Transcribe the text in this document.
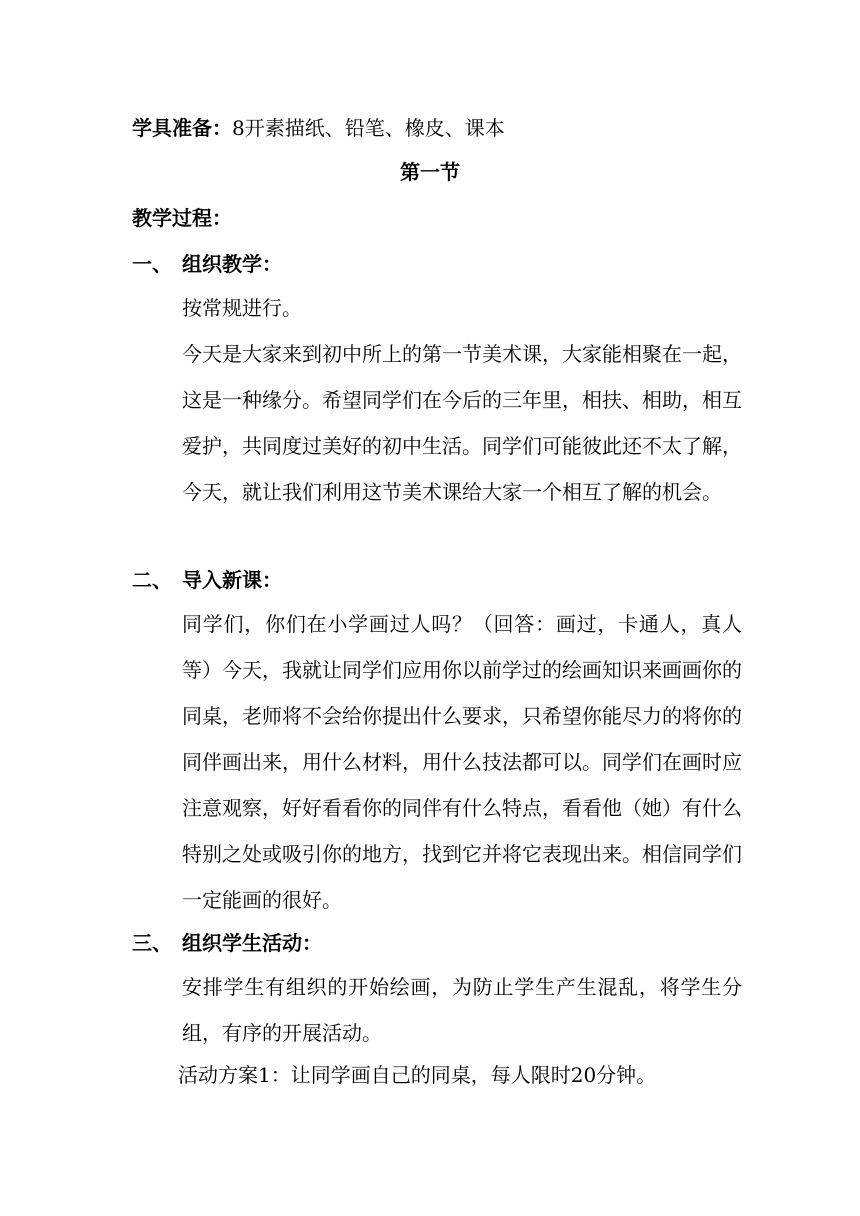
学具准备：8开素描纸、铅笔、橡皮、课本
第一节
教学过程：
一、 组织教学：
按常规进行。
今天是大家来到初中所上的第一节美术课，大家能相聚在一起，这是一种缘分。希望同学们在今后的三年里，相扶、相助，相互爱护，共同度过美好的初中生活。同学们可能彼此还不太了解，今天，就让我们利用这节美术课给大家一个相互了解的机会。
二、 导入新课：
同学们，你们在小学画过人吗？（回答：画过，卡通人，真人等）今天，我就让同学们应用你以前学过的绘画知识来画画你的同桌，老师将不会给你提出什么要求，只希望你能尽力的将你的同伴画出来，用什么材料，用什么技法都可以。同学们在画时应注意观察，好好看看你的同伴有什么特点，看看他（她）有什么特别之处或吸引你的地方，找到它并将它表现出来。相信同学们一定能画的很好。
三、 组织学生活动：
安排学生有组织的开始绘画，为防止学生产生混乱，将学生分组，有序的开展活动。
活动方案1：让同学画自己的同桌，每人限时20分钟。
